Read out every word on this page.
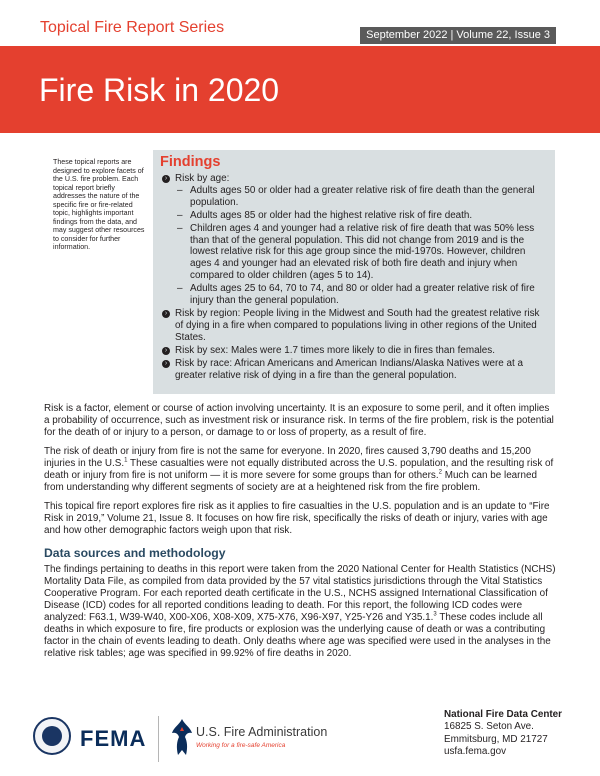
Topical Fire Report Series	September 2022 | Volume 22, Issue 3
Fire Risk in 2020
These topical reports are designed to explore facets of the U.S. fire problem. Each topical report briefly addresses the nature of the specific fire or fire-related topic, highlights important findings from the data, and may suggest other resources to consider for further information.
Findings
› Risk by age:
– Adults ages 50 or older had a greater relative risk of fire death than the general population.
– Adults ages 85 or older had the highest relative risk of fire death.
– Children ages 4 and younger had a relative risk of fire death that was 50% less than that of the general population. This did not change from 2019 and is the lowest relative risk for this age group since the mid-1970s. However, children ages 4 and younger had an elevated risk of both fire death and injury when compared to older children (ages 5 to 14).
– Adults ages 25 to 64, 70 to 74, and 80 or older had a greater relative risk of fire injury than the general population.
› Risk by region: People living in the Midwest and South had the greatest relative risk of dying in a fire when compared to populations living in other regions of the United States.
› Risk by sex: Males were 1.7 times more likely to die in fires than females.
› Risk by race: African Americans and American Indians/Alaska Natives were at a greater relative risk of dying in a fire than the general population.

Risk is a factor, element or course of action involving uncertainty. It is an exposure to some peril, and it often implies a probability of occurrence, such as investment risk or insurance risk. In terms of the fire problem, risk is the potential for the death of or injury to a person, or damage to or loss of property, as a result of fire.

The risk of death or injury from fire is not the same for everyone. In 2020, fires caused 3,790 deaths and 15,200 injuries in the U.S.$^1$ These casualties were not equally distributed across the U.S. population, and the resulting risk of death or injury from fire is not uniform — it is more severe for some groups than for others.$^2$ Much can be learned from understanding why different segments of society are at a heightened risk from the fire problem.

This topical fire report explores fire risk as it applies to fire casualties in the U.S. population and is an update to “Fire Risk in 2019,” Volume 21, Issue 8. It focuses on how fire risk, specifically the risks of death or injury, varies with age and how other demographic factors weigh upon that risk.

Data sources and methodology

The findings pertaining to deaths in this report were taken from the 2020 National Center for Health Statistics (NCHS) Mortality Data File, as compiled from data provided by the 57 vital statistics jurisdictions through the Vital Statistics Cooperative Program. For each reported death certificate in the U.S., NCHS assigned International Classification of Disease (ICD) codes for all reported conditions leading to death. For this report, the following ICD codes were analyzed: F63.1, W39-W40, X00-X06, X08-X09, X75-X76, X96-X97, Y25-Y26 and Y35.1.$^3$ These codes include all deaths in which exposure to fire, fire products or explosion was the underlying cause of death or was a contributing factor in the chain of events leading to death. Only deaths where age was specified were used in the analyses in the relative risk tables; age was specified in 99.92% of fire deaths in 2020.

FEMA	U.S. Fire Administration
Working for a fire-safe America
National Fire Data Center
16825 S. Seton Ave.
Emmitsburg, MD 21727
usfa.fema.gov
